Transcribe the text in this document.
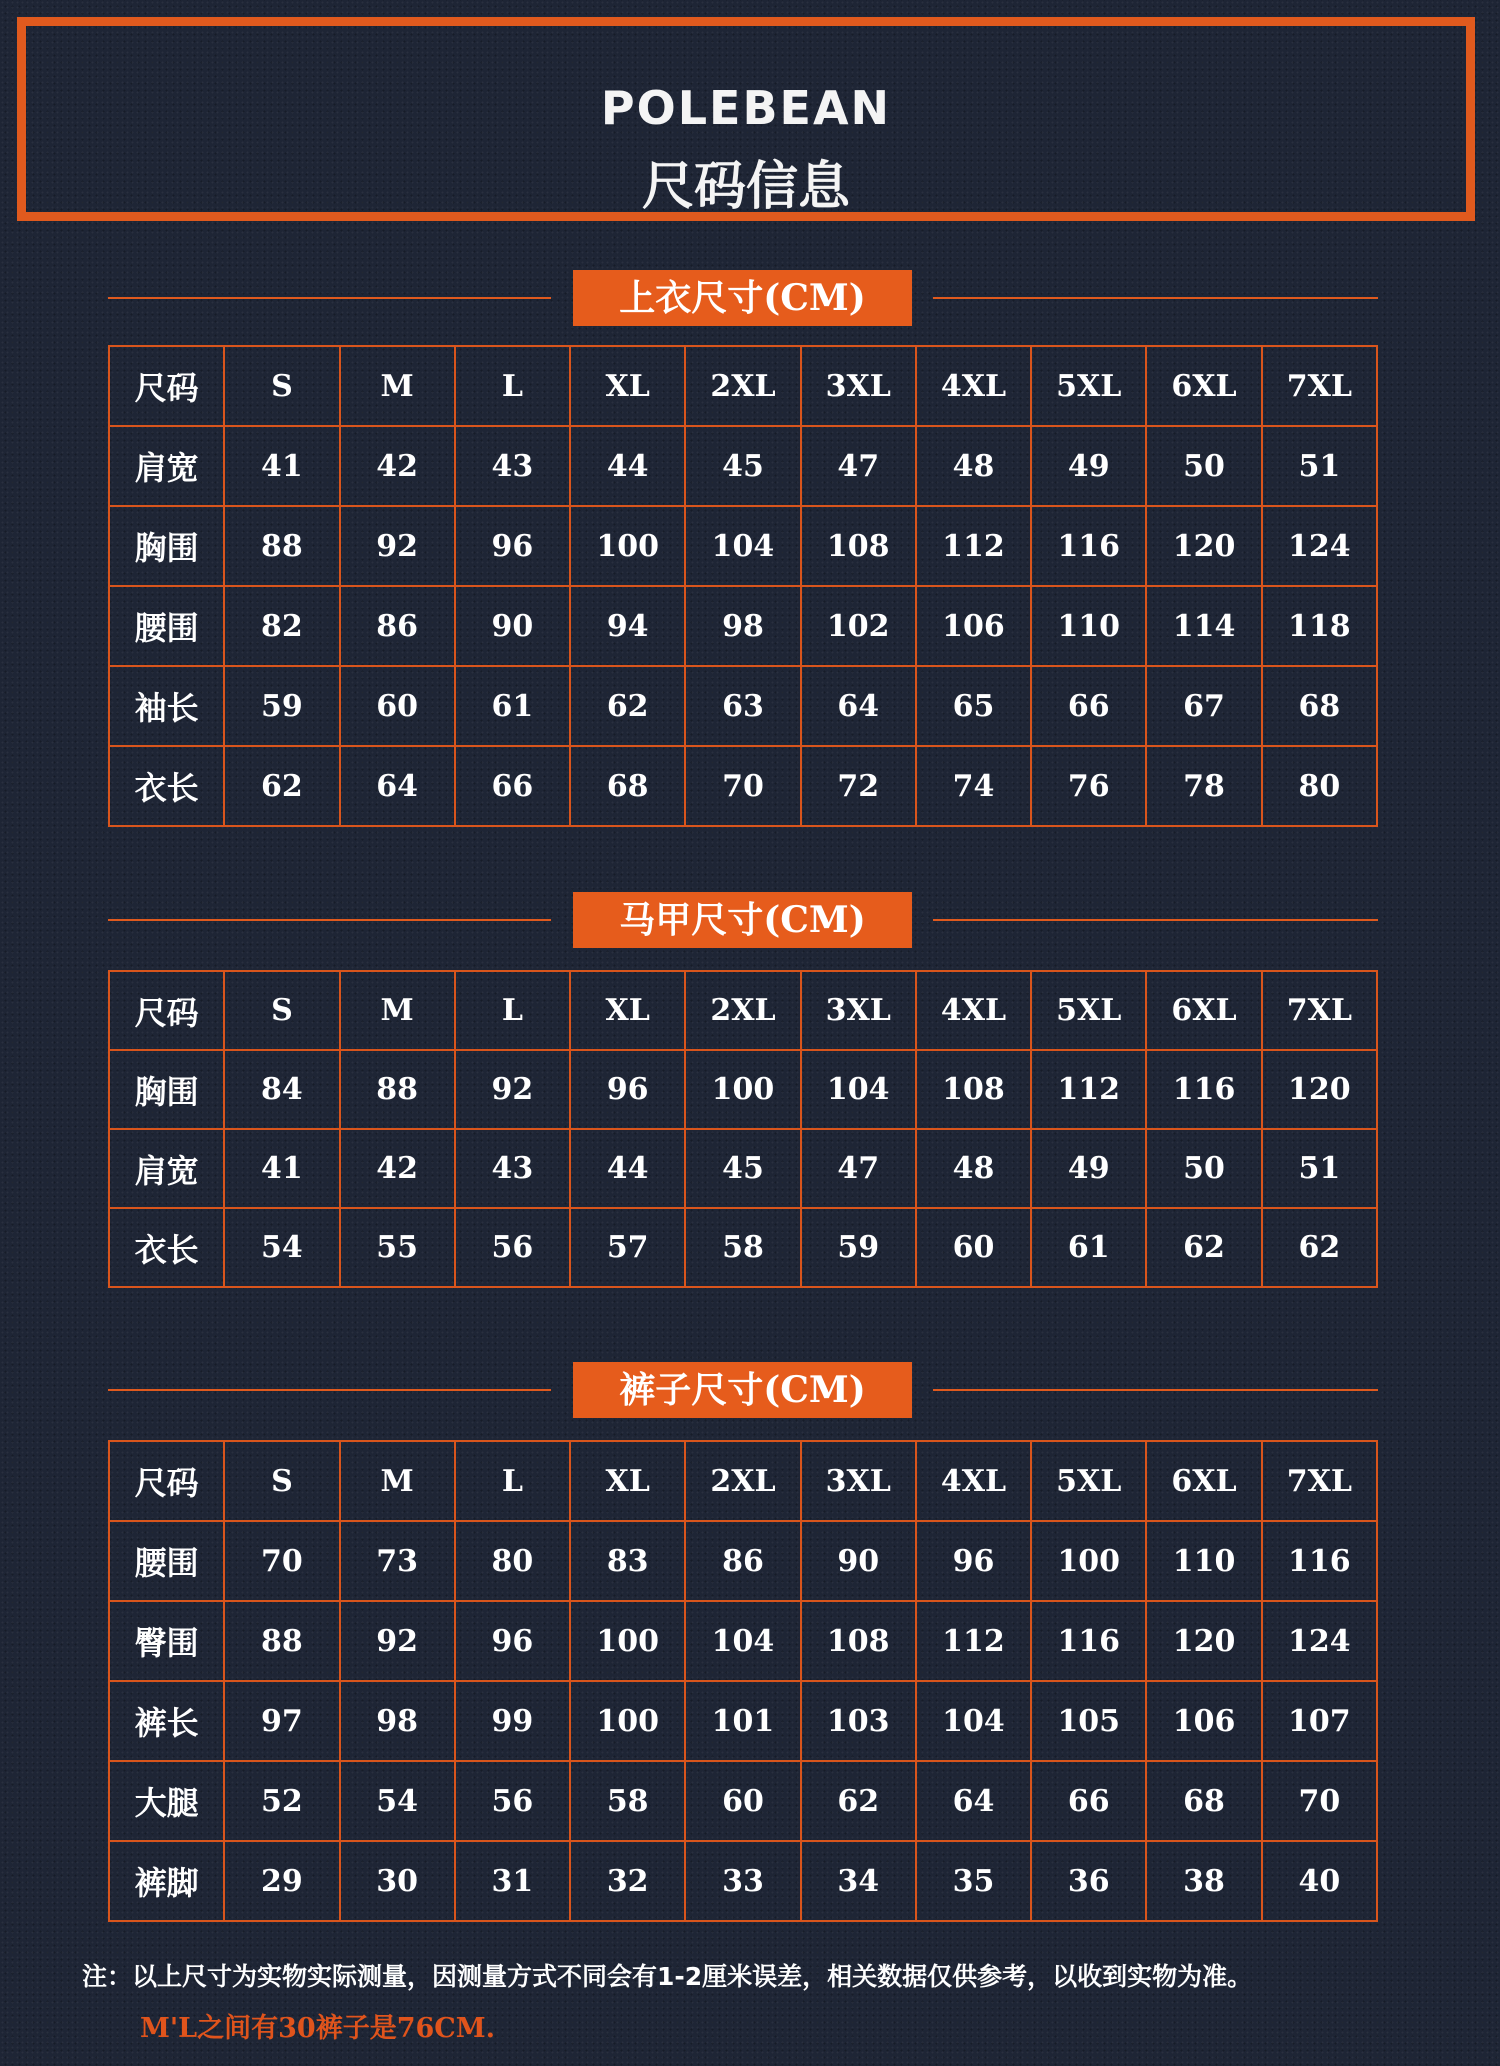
POLEBEAN
尺码信息
上衣尺寸(CM)
尺码	S	M	L	XL	2XL	3XL	4XL	5XL	6XL	7XL
肩宽	41	42	43	44	45	47	48	49	50	51
胸围	88	92	96	100	104	108	112	116	120	124
腰围	82	86	90	94	98	102	106	110	114	118
袖长	59	60	61	62	63	64	65	66	67	68
衣长	62	64	66	68	70	72	74	76	78	80
马甲尺寸(CM)
尺码	S	M	L	XL	2XL	3XL	4XL	5XL	6XL	7XL
胸围	84	88	92	96	100	104	108	112	116	120
肩宽	41	42	43	44	45	47	48	49	50	51
衣长	54	55	56	57	58	59	60	61	62	62
裤子尺寸(CM)
尺码	S	M	L	XL	2XL	3XL	4XL	5XL	6XL	7XL
腰围	70	73	80	83	86	90	96	100	110	116
臀围	88	92	96	100	104	108	112	116	120	124
裤长	97	98	99	100	101	103	104	105	106	107
大腿	52	54	56	58	60	62	64	66	68	70
裤脚	29	30	31	32	33	34	35	36	38	40
注：以上尺寸为实物实际测量，因测量方式不同会有1-2厘米误差，相关数据仅供参考，以收到实物为准。
M'L之间有30裤子是76CM.
